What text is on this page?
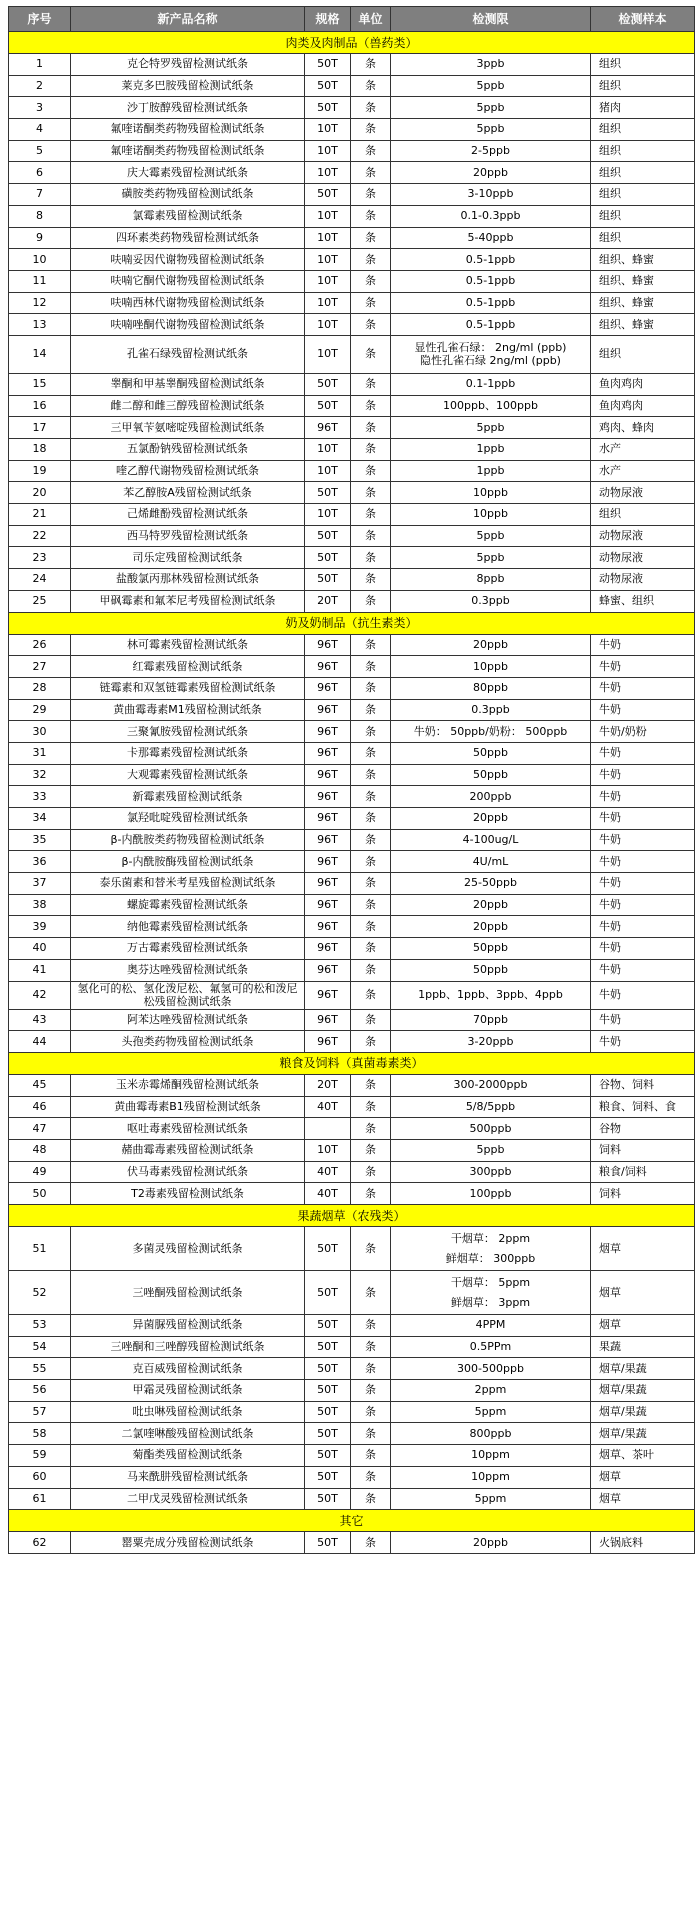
序号	新产品名称	规格	单位	检测限	检测样本
肉类及肉制品（兽药类）					
1	克仑特罗残留检测试纸条	50T	条	3ppb	组织
2	莱克多巴胺残留检测试纸条	50T	条	5ppb	组织
3	沙丁胺醇残留检测试纸条	50T	条	5ppb	猪肉
4	氟喹诺酮类药物残留检测试纸条	10T	条	5ppb	组织
5	氟喹诺酮类药物残留检测试纸条	10T	条	2-5ppb	组织
6	庆大霉素残留检测试纸条	10T	条	20ppb	组织
7	磺胺类药物残留检测试纸条	50T	条	3-10ppb	组织
8	氯霉素残留检测试纸条	10T	条	0.1-0.3ppb	组织
9	四环素类药物残留检测试纸条	10T	条	5-40ppb	组织
10	呋喃妥因代谢物残留检测试纸条	10T	条	0.5-1ppb	组织、蜂蜜
11	呋喃它酮代谢物残留检测试纸条	10T	条	0.5-1ppb	组织、蜂蜜
12	呋喃西林代谢物残留检测试纸条	10T	条	0.5-1ppb	组织、蜂蜜
13	呋喃唑酮代谢物残留检测试纸条	10T	条	0.5-1ppb	组织、蜂蜜
14	孔雀石绿残留检测试纸条	10T	条	显性孔雀石绿： 2ng/ml (ppb)
隐性孔雀石绿 2ng/ml (ppb)	组织
15	睾酮和甲基睾酮残留检测试纸条	50T	条	0.1-1ppb	鱼肉鸡肉
16	雌二醇和雌三醇残留检测试纸条	50T	条	100ppb、100ppb	鱼肉鸡肉
17	三甲氧苄氨嘧啶残留检测试纸条	96T	条	5ppb	鸡肉、蜂肉
18	五氯酚钠残留检测试纸条	10T	条	1ppb	水产
19	喹乙醇代谢物残留检测试纸条	10T	条	1ppb	水产
20	苯乙醇胺A残留检测试纸条	50T	条	10ppb	动物尿液
21	己烯雌酚残留检测试纸条	10T	条	10ppb	组织
22	西马特罗残留检测试纸条	50T	条	5ppb	动物尿液
23	司乐定残留检测试纸条	50T	条	5ppb	动物尿液
24	盐酸氯丙那林残留检测试纸条	50T	条	8ppb	动物尿液
25	甲砜霉素和氟苯尼考残留检测试纸条	20T	条	0.3ppb	蜂蜜、组织
奶及奶制品（抗生素类）					
26	林可霉素残留检测试纸条	96T	条	20ppb	牛奶
27	红霉素残留检测试纸条	96T	条	10ppb	牛奶
28	链霉素和双氢链霉素残留检测试纸条	96T	条	80ppb	牛奶
29	黄曲霉毒素M1残留检测试纸条	96T	条	0.3ppb	牛奶
30	三聚氰胺残留检测试纸条	96T	条	牛奶： 50ppb/奶粉： 500ppb	牛奶/奶粉
31	卡那霉素残留检测试纸条	96T	条	50ppb	牛奶
32	大观霉素残留检测试纸条	96T	条	50ppb	牛奶
33	新霉素残留检测试纸条	96T	条	200ppb	牛奶
34	氯羟吡啶残留检测试纸条	96T	条	20ppb	牛奶
35	β-内酰胺类药物残留检测试纸条	96T	条	4-100ug/L	牛奶
36	β-内酰胺酶残留检测试纸条	96T	条	4U/mL	牛奶
37	泰乐菌素和替米考星残留检测试纸条	96T	条	25-50ppb	牛奶
38	螺旋霉素残留检测试纸条	96T	条	20ppb	牛奶
39	纳他霉素残留检测试纸条	96T	条	20ppb	牛奶
40	万古霉素残留检测试纸条	96T	条	50ppb	牛奶
41	奥芬达唑残留检测试纸条	96T	条	50ppb	牛奶
42	氢化可的松、氢化泼尼松、氟氢可的松和泼尼松残留检测试纸条	96T	条	1ppb、1ppb、3ppb、4ppb	牛奶
43	阿苯达唑残留检测试纸条	96T	条	70ppb	牛奶
44	头孢类药物残留检测试纸条	96T	条	3-20ppb	牛奶
粮食及饲料（真菌毒素类）					
45	玉米赤霉烯酮残留检测试纸条	20T	条	300-2000ppb	谷物、饲料
46	黄曲霉毒素B1残留检测试纸条	40T	条	5/8/5ppb	粮食、饲料、食
47	呕吐毒素残留检测试纸条		条	500ppb	谷物
48	赭曲霉毒素残留检测试纸条	10T	条	5ppb	饲料
49	伏马毒素残留检测试纸条	40T	条	300ppb	粮食/饲料
50	T2毒素残留检测试纸条	40T	条	100ppb	饲料
果蔬烟草（农残类）					
51	多菌灵残留检测试纸条	50T	条	干烟草： 2ppm
鲜烟草： 300ppb	烟草
52	三唑酮残留检测试纸条	50T	条	干烟草： 5ppm
鲜烟草： 3ppm	烟草
53	异菌脲残留检测试纸条	50T	条	4PPM	烟草
54	三唑酮和三唑醇残留检测试纸条	50T	条	0.5PPm	果蔬
55	克百威残留检测试纸条	50T	条	300-500ppb	烟草/果蔬
56	甲霜灵残留检测试纸条	50T	条	2ppm	烟草/果蔬
57	吡虫啉残留检测试纸条	50T	条	5ppm	烟草/果蔬
58	二氯喹啉酸残留检测试纸条	50T	条	800ppb	烟草/果蔬
59	菊酯类残留检测试纸条	50T	条	10ppm	烟草、茶叶
60	马来酰肼残留检测试纸条	50T	条	10ppm	烟草
61	二甲戊灵残留检测试纸条	50T	条	5ppm	烟草
其它					
62	罂粟壳成分残留检测试纸条	50T	条	20ppb	火锅底料
